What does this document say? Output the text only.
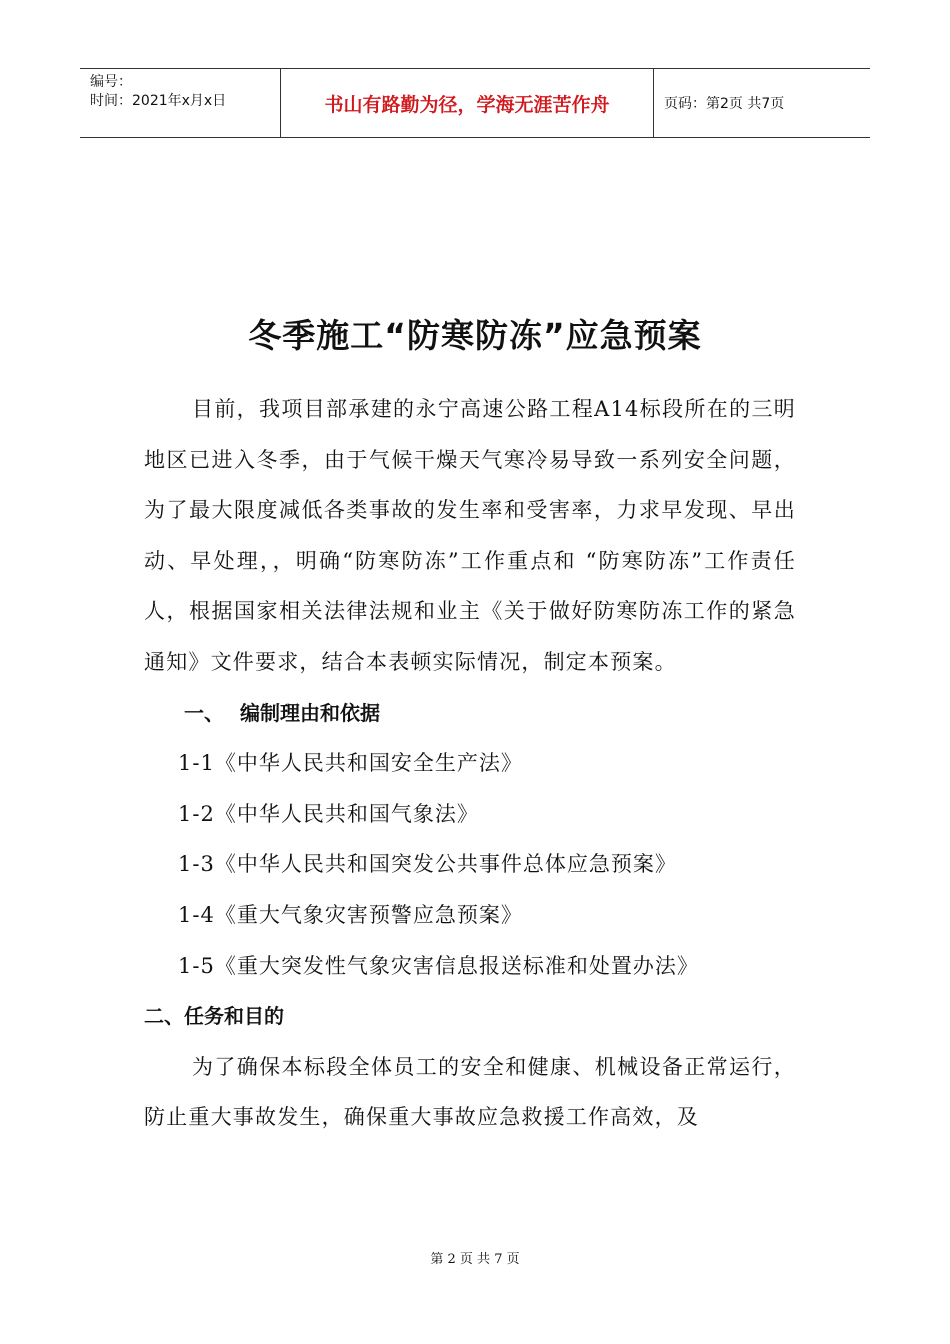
编号：
时间：2021年x月x日	书山有路勤为径，学海无涯苦作舟	页码：第2页 共7页
冬季施工“防寒防冻”应急预案

目前，我项目部承建的永宁高速公路工程A14标段所在的三明地区已进入冬季，由于气候干燥天气寒冷易导致一系列安全问题，为了最大限度减低各类事故的发生率和受害率，力求早发现、早出动、早处理，，明确“防寒防冻”工作重点和 “防寒防冻”工作责任人，根据国家相关法律法规和业主《关于做好防寒防冻工作的紧急通知》文件要求，结合本表顿实际情况，制定本预案。

一、 编制理由和依据

1-1《中华人民共和国安全生产法》

1-2《中华人民共和国气象法》

1-3《中华人民共和国突发公共事件总体应急预案》

1-4《重大气象灾害预警应急预案》

1-5《重大突发性气象灾害信息报送标准和处置办法》

二、任务和目的

为了确保本标段全体员工的安全和健康、机械设备正常运行，防止重大事故发生，确保重大事故应急救援工作高效，及

第 2 页 共 7 页
